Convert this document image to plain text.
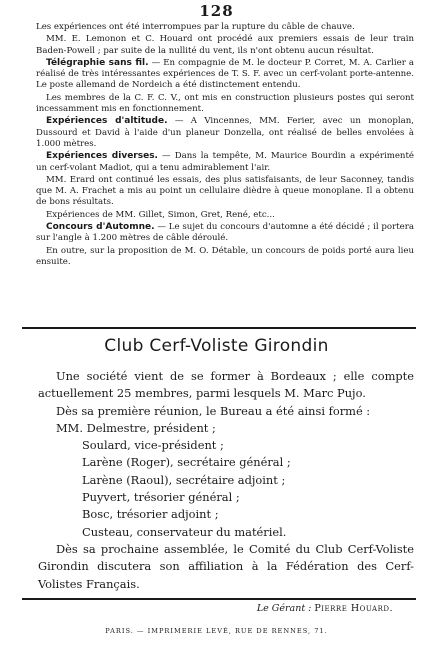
128

Les expériences ont été interrompues par la rupture du câble de chauve.

MM. E. Lemonon et C. Houard ont procédé aux premiers essais de leur train Baden-Powell ; par suite de la nullité du vent, ils n'ont obtenu aucun résultat.

Télégraphie sans fil. — En compagnie de M. le docteur P. Corret, M. A. Carlier a réalisé de très intéressantes expériences de T. S. F. avec un cerf-volant porte-antenne. Le poste allemand de Nordeich a été distinctement entendu.

Les membres de la C. F. C. V., ont mis en construction plusieurs postes qui seront incessamment mis en fonctionnement.

Expériences d'altitude. — A Vincennes, MM. Ferier, avec un monoplan, Dussourd et David à l'aide d'un planeur Donzella, ont réalisé de belles envolées à 1.000 mètres.

Expériences diverses. — Dans la tempête, M. Maurice Bourdin a expérimenté un cerf-volant Madiot, qui a tenu admirablement l'air.

MM. Erard ont continué les essais, des plus satisfaisants, de leur Saconney, tandis que M. A. Frachet a mis au point un cellulaire dièdre à queue monoplane. Il a obtenu de bons résultats.

Expériences de MM. Gillet, Simon, Gret, René, etc...

Concours d'Automne. — Le sujet du concours d'automne a été décidé ; il portera sur l'angle à 1.200 mètres de câble déroulé.

En outre, sur la proposition de M. O. Détable, un concours de poids porté aura lieu ensuite.

Club Cerf-Voliste Girondin

Une société vient de se former à Bordeaux ; elle compte actuellement 25 membres, parmi lesquels M. Marc Pujo.

Dès sa première réunion, le Bureau a été ainsi formé :

MM. Delmestre, président ;

Soulard, vice-président ;

Larène (Roger), secrétaire général ;

Larène (Raoul), secrétaire adjoint ;

Puyvert, trésorier général ;

Bosc, trésorier adjoint ;

Custeau, conservateur du matériel.

Dès sa prochaine assemblée, le Comité du Club Cerf-Voliste Girondin discutera son affiliation à la Fédération des Cerf-Volistes Français.

Le Gérant : Pierre Houard.
PARIS. — IMPRIMERIE LEVÉ, RUE DE RENNES, 71.
